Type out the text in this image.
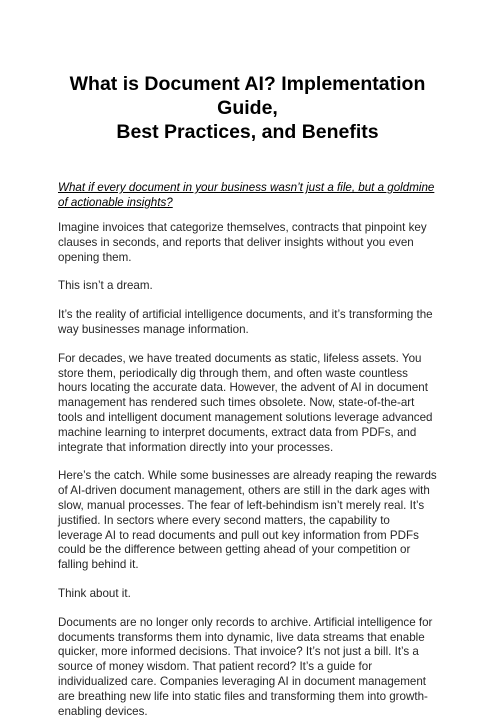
What is Document AI? Implementation Guide,
Best Practices, and Benefits

What if every document in your business wasn’t just a file, but a goldmine of actionable insights?

Imagine invoices that categorize themselves, contracts that pinpoint key clauses in seconds, and reports that deliver insights without you even opening them.

This isn’t a dream.

It’s the reality of artificial intelligence documents, and it’s transforming the way businesses manage information.

For decades, we have treated documents as static, lifeless assets. You store them, periodically dig through them, and often waste countless hours locating the accurate data. However, the advent of AI in document management has rendered such times obsolete. Now, state-of-the-art tools and intelligent document management solutions leverage advanced machine learning to interpret documents, extract data from PDFs, and integrate that information directly into your processes.

Here’s the catch. While some businesses are already reaping the rewards of AI-driven document management, others are still in the dark ages with slow, manual processes. The fear of left-behindism isn’t merely real. It’s justified. In sectors where every second matters, the capability to leverage AI to read documents and pull out key information from PDFs could be the difference between getting ahead of your competition or falling behind it.

Think about it.

Documents are no longer only records to archive. Artificial intelligence for documents transforms them into dynamic, live data streams that enable quicker, more informed decisions. That invoice? It’s not just a bill. It’s a source of money wisdom. That patient record? It’s a guide for individualized care. Companies leveraging AI in document management are breathing new life into static files and transforming them into growth-enabling devices.
